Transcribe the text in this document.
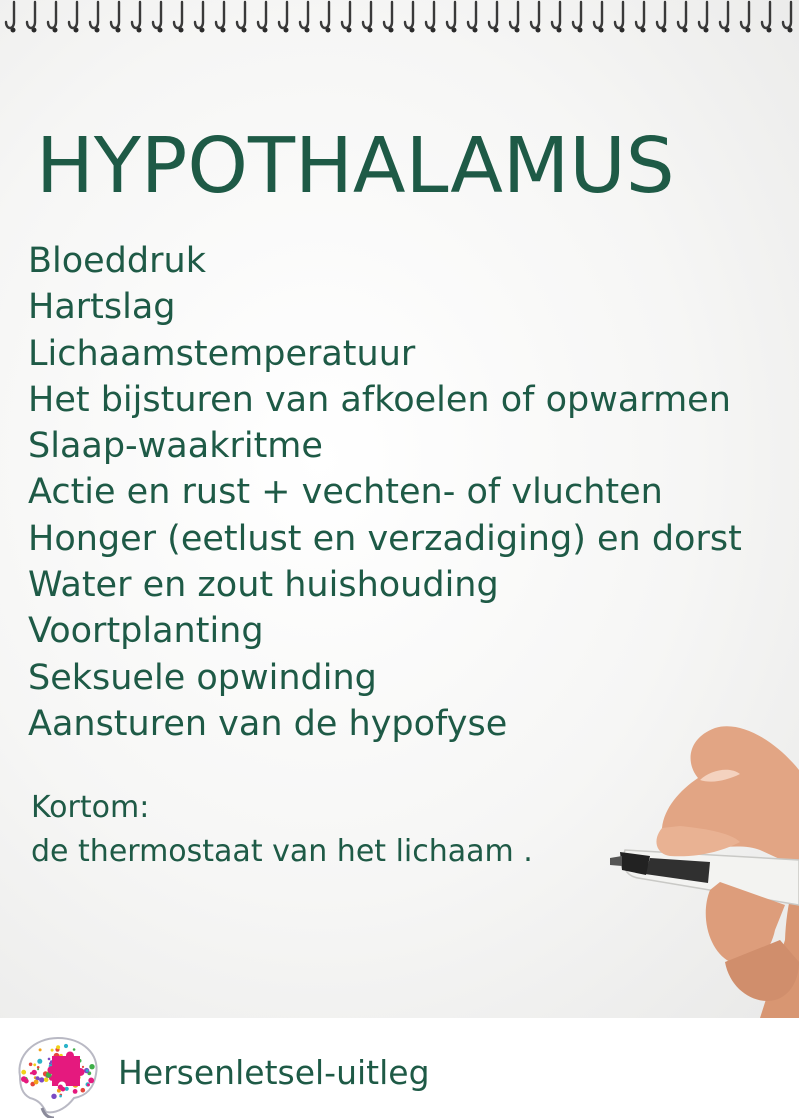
HYPOTHALAMUS
Bloeddruk
Hartslag
Lichaamstemperatuur
Het bijsturen van afkoelen of opwarmen
Slaap-waakritme
Actie en rust + vechten- of vluchten
Honger (eetlust en verzadiging) en dorst
Water en zout huishouding
Voortplanting
Seksuele opwinding
Aansturen van de hypofyse
Kortom:
de thermostaat van het lichaam .
Hersenletsel-uitleg
